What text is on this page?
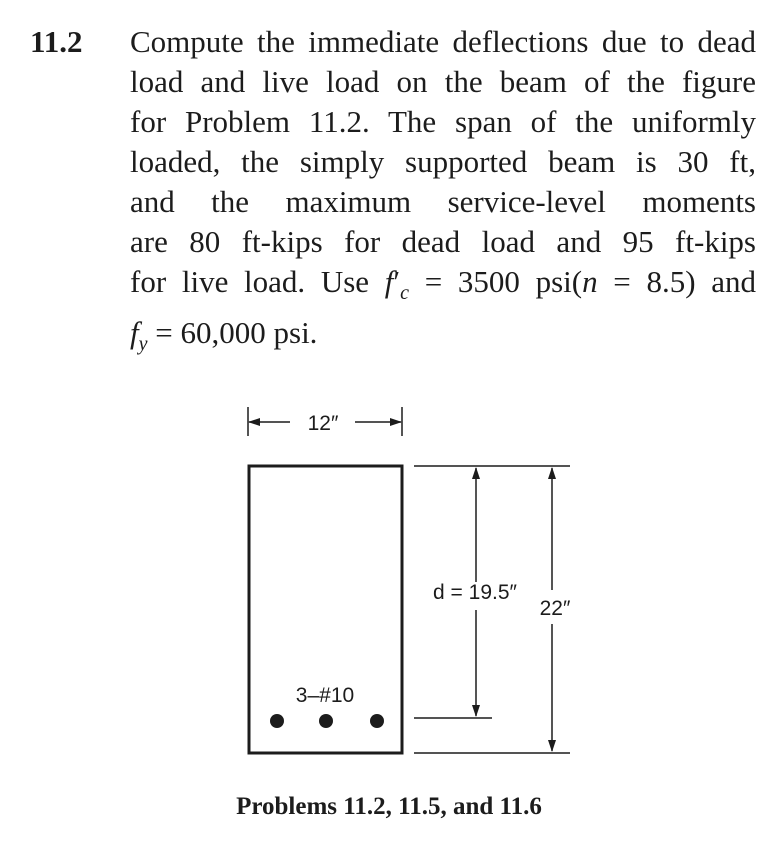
11.2 Compute the immediate deflections due to dead
load and live load on the beam of the figure
for Problem 11.2. The span of the uniformly
loaded, the simply supported beam is 30 ft,
and the maximum service-level moments
are 80 ft-kips for dead load and 95 ft-kips
for live load. Use $f'_c = 3500$ psi(n = 8.5) and
$f_y = 60,000$ psi.
12″
3–#10
d = 19.5″
22″
Problems 11.2, 11.5, and 11.6
